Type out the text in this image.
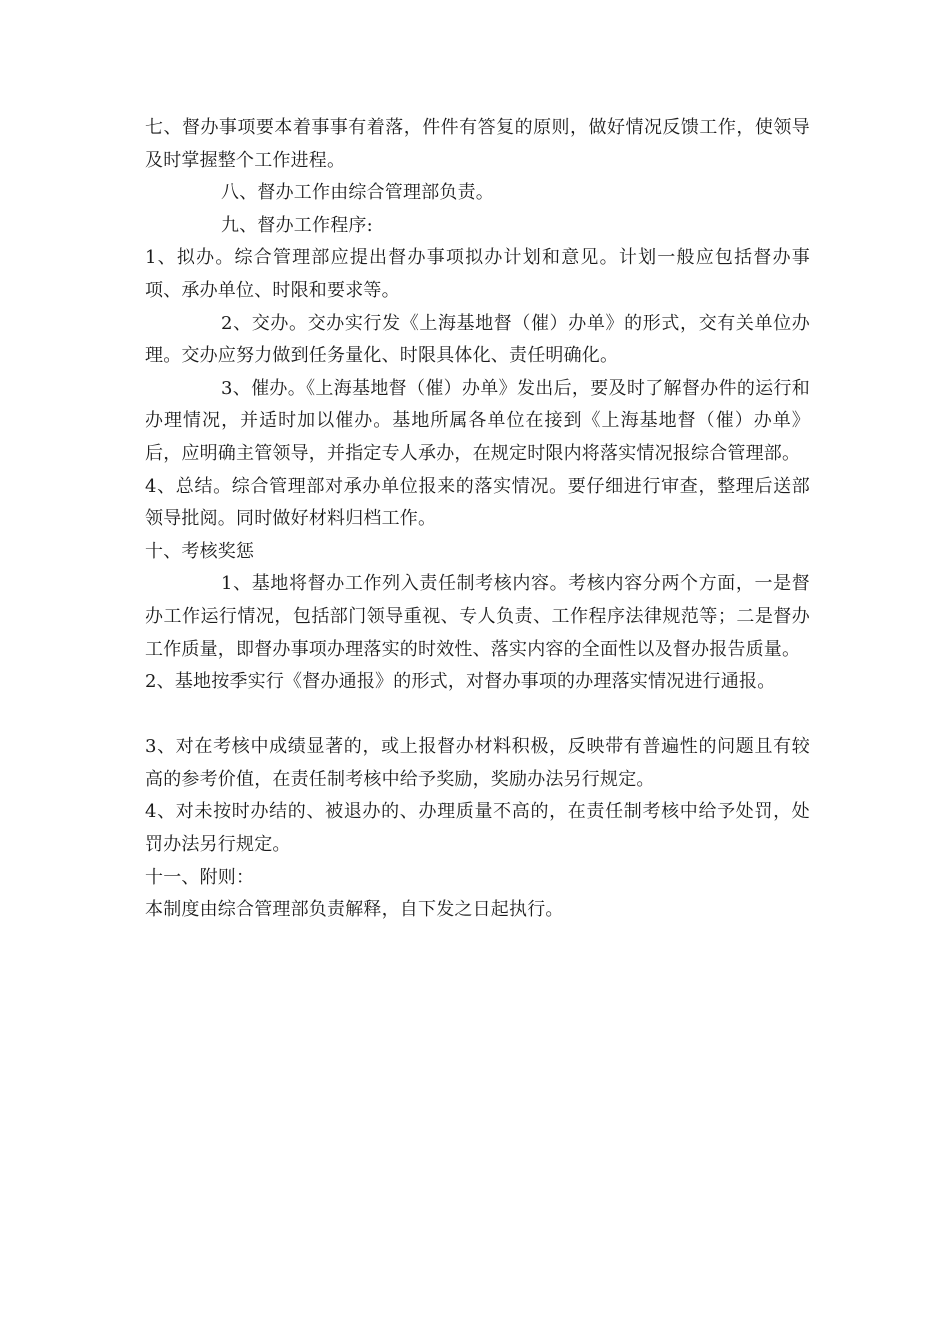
七、督办事项要本着事事有着落，件件有答复的原则，做好情况反馈工作，使领导及时掌握整个工作进程。

八、督办工作由综合管理部负责。

九、督办工作程序:

1、拟办。综合管理部应提出督办事项拟办计划和意见。计划一般应包括督办事项、承办单位、时限和要求等。

2、交办。交办实行发《上海基地督（催）办单》的形式，交有关单位办理。交办应努力做到任务量化、时限具体化、责任明确化。

3、催办。《上海基地督（催）办单》发出后，要及时了解督办件的运行和办理情况，并适时加以催办。基地所属各单位在接到《上海基地督（催）办单》后，应明确主管领导，并指定专人承办，在规定时限内将落实情况报综合管理部。

4、总结。综合管理部对承办单位报来的落实情况。要仔细进行审查，整理后送部领导批阅。同时做好材料归档工作。

十、考核奖惩

1、基地将督办工作列入责任制考核内容。考核内容分两个方面，一是督办工作运行情况，包括部门领导重视、专人负责、工作程序法律规范等；二是督办工作质量，即督办事项办理落实的时效性、落实内容的全面性以及督办报告质量。

2、基地按季实行《督办通报》的形式，对督办事项的办理落实情况进行通报。

3、对在考核中成绩显著的，或上报督办材料积极，反映带有普遍性的问题且有较高的参考价值，在责任制考核中给予奖励，奖励办法另行规定。

4、对未按时办结的、被退办的、办理质量不高的，在责任制考核中给予处罚，处罚办法另行规定。

十一、附则：

本制度由综合管理部负责解释，自下发之日起执行。
